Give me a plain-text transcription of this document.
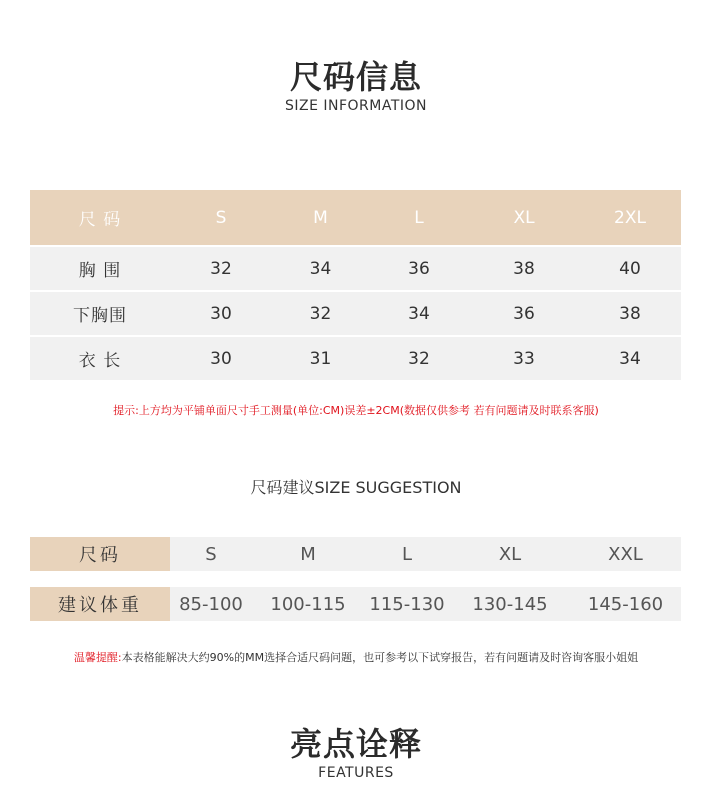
尺码信息
SIZE INFORMATION
尺 码	S	M	L	XL	2XL
胸 围	32	34	36	38	40
下胸围	30	32	34	36	38
衣 长	30	31	32	33	34
提示:上方均为平铺单面尺寸手工测量(单位:CM)误差±2CM(数据仅供参考 若有问题请及时联系客服)
尺码建议SIZE SUGGESTION
尺码	S	M	L	XL	XXL
建议体重	85-100	100-115	115-130	130-145	145-160
温馨提醒:本表格能解决大约90%的MM选择合适尺码问题，也可参考以下试穿报告，若有问题请及时咨询客服小姐姐
亮点诠释
FEATURES
